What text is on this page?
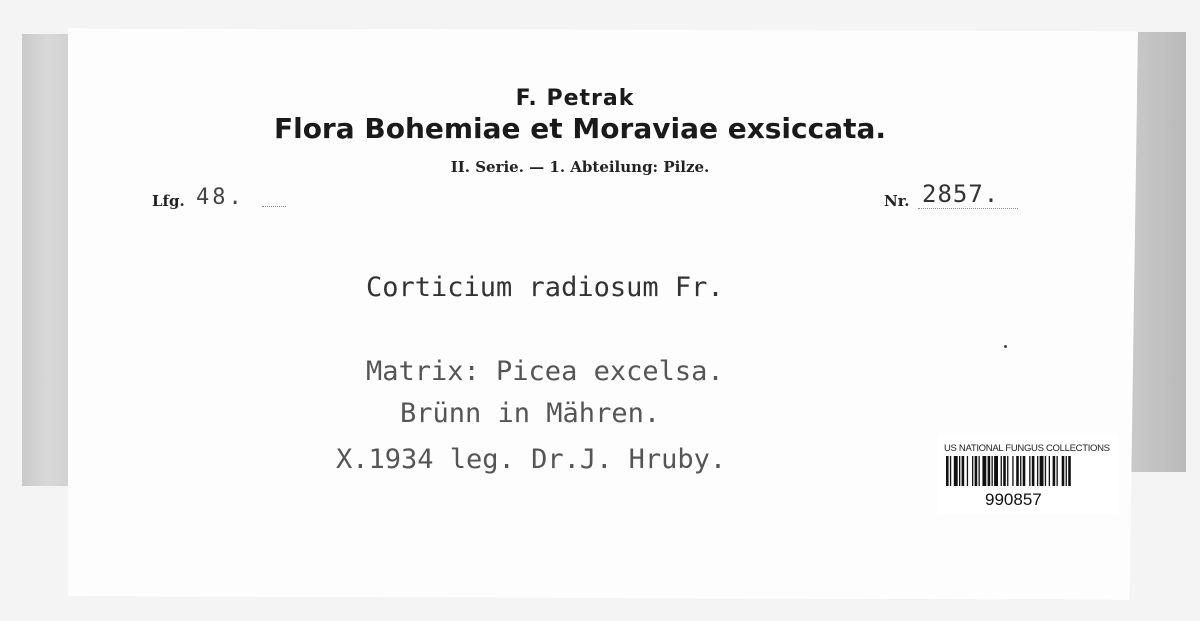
F. Petrak
Flora Bohemiae et Moraviae exsiccata.
II. Serie. — 1. Abteilung: Pilze.
Lfg. 48.	Nr. 2857.
Corticium radiosum Fr.
Matrix: Picea excelsa.
Brünn in Mähren.
X.1934 leg. Dr.J. Hruby.	US NATIONAL FUNGUS COLLECTIONS
990857
